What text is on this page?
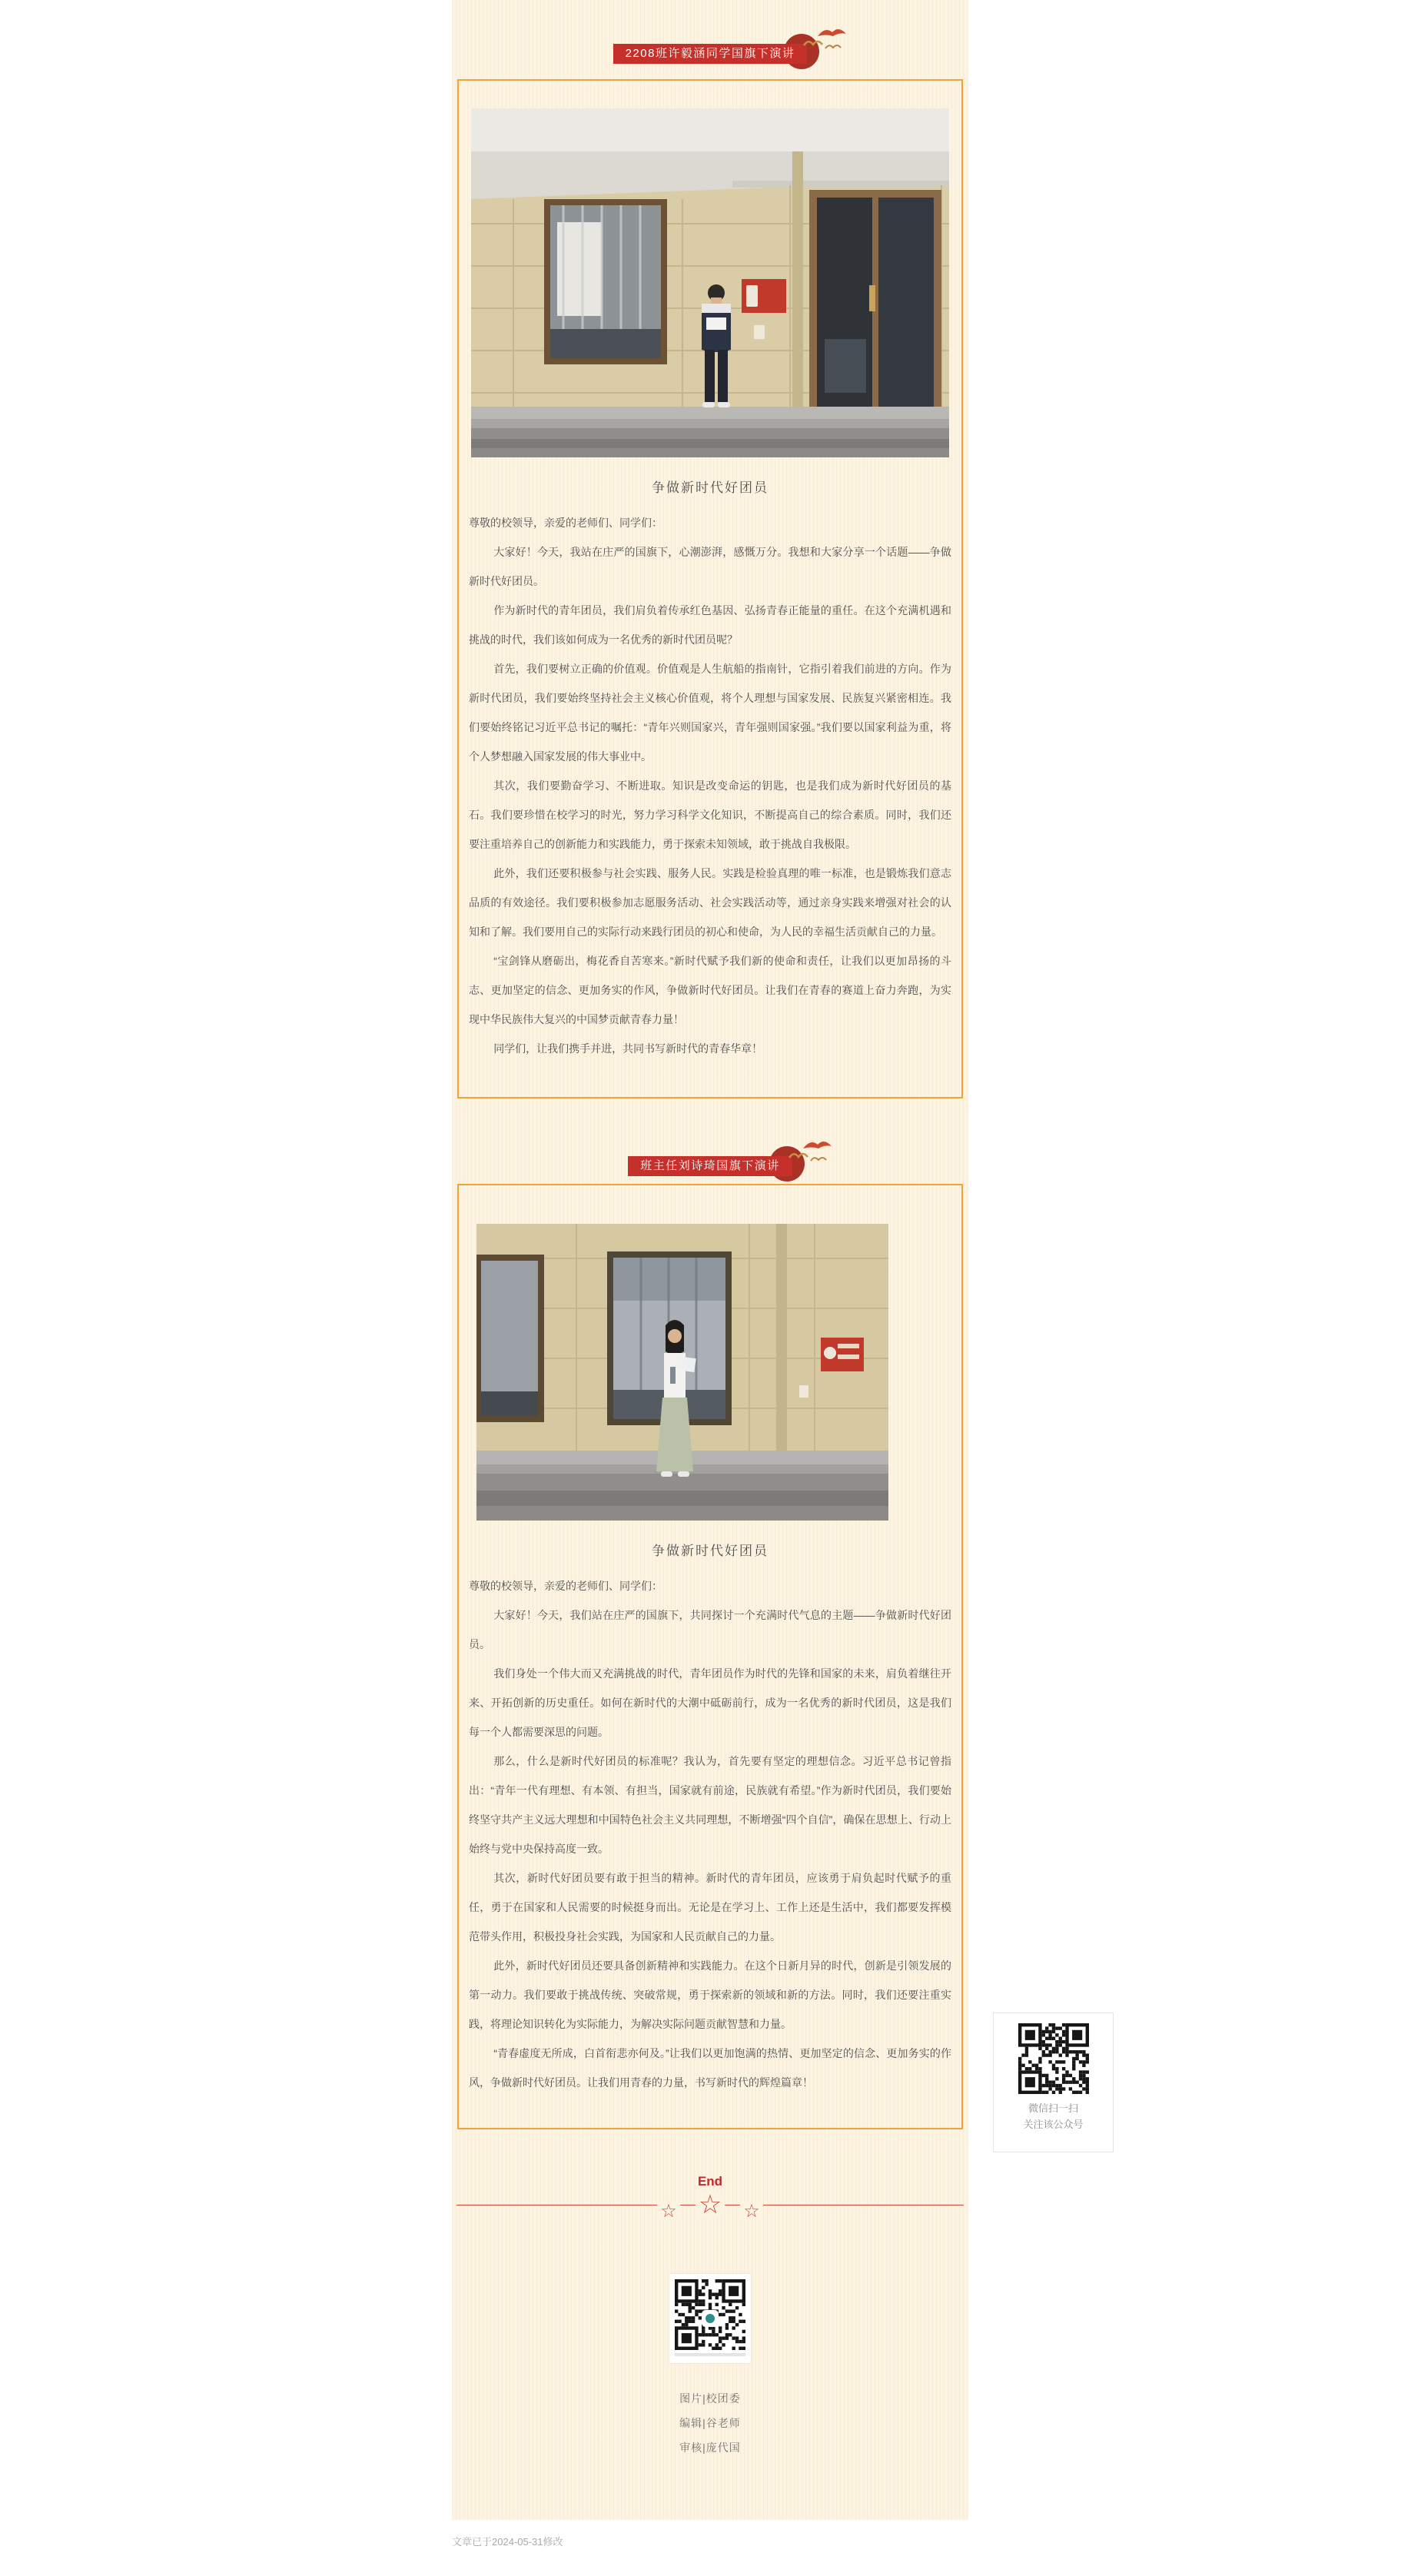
2208班许毅涵同学国旗下演讲
争做新时代好团员

尊敬的校领导，亲爱的老师们、同学们：

大家好！今天，我站在庄严的国旗下，心潮澎湃，感慨万分。我想和大家分享一个话题——争做新时代好团员。

作为新时代的青年团员，我们肩负着传承红色基因、弘扬青春正能量的重任。在这个充满机遇和挑战的时代，我们该如何成为一名优秀的新时代团员呢？

首先，我们要树立正确的价值观。价值观是人生航船的指南针，它指引着我们前进的方向。作为新时代团员，我们要始终坚持社会主义核心价值观，将个人理想与国家发展、民族复兴紧密相连。我们要始终铭记习近平总书记的嘱托：“青年兴则国家兴，青年强则国家强。”我们要以国家利益为重，将个人梦想融入国家发展的伟大事业中。

其次，我们要勤奋学习、不断进取。知识是改变命运的钥匙，也是我们成为新时代好团员的基石。我们要珍惜在校学习的时光，努力学习科学文化知识，不断提高自己的综合素质。同时，我们还要注重培养自己的创新能力和实践能力，勇于探索未知领域，敢于挑战自我极限。

此外，我们还要积极参与社会实践、服务人民。实践是检验真理的唯一标准，也是锻炼我们意志品质的有效途径。我们要积极参加志愿服务活动、社会实践活动等，通过亲身实践来增强对社会的认知和了解。我们要用自己的实际行动来践行团员的初心和使命，为人民的幸福生活贡献自己的力量。

“宝剑锋从磨砺出，梅花香自苦寒来。”新时代赋予我们新的使命和责任，让我们以更加昂扬的斗志、更加坚定的信念、更加务实的作风，争做新时代好团员。让我们在青春的赛道上奋力奔跑，为实现中华民族伟大复兴的中国梦贡献青春力量！

同学们，让我们携手并进，共同书写新时代的青春华章！

班主任刘诗琦国旗下演讲
争做新时代好团员

尊敬的校领导，亲爱的老师们、同学们：

大家好！今天，我们站在庄严的国旗下，共同探讨一个充满时代气息的主题——争做新时代好团员。

我们身处一个伟大而又充满挑战的时代，青年团员作为时代的先锋和国家的未来，肩负着继往开来、开拓创新的历史重任。如何在新时代的大潮中砥砺前行，成为一名优秀的新时代团员，这是我们每一个人都需要深思的问题。

那么，什么是新时代好团员的标准呢？我认为，首先要有坚定的理想信念。习近平总书记曾指出：“青年一代有理想、有本领、有担当，国家就有前途，民族就有希望。”作为新时代团员，我们要始终坚守共产主义远大理想和中国特色社会主义共同理想，不断增强“四个自信”，确保在思想上、行动上始终与党中央保持高度一致。

其次，新时代好团员要有敢于担当的精神。新时代的青年团员，应该勇于肩负起时代赋予的重任，勇于在国家和人民需要的时候挺身而出。无论是在学习上、工作上还是生活中，我们都要发挥模范带头作用，积极投身社会实践，为国家和人民贡献自己的力量。

此外，新时代好团员还要具备创新精神和实践能力。在这个日新月异的时代，创新是引领发展的第一动力。我们要敢于挑战传统、突破常规，勇于探索新的领域和新的方法。同时，我们还要注重实践，将理论知识转化为实际能力，为解决实际问题贡献智慧和力量。

“青春虚度无所成，白首衔悲亦何及。”让我们以更加饱满的热情、更加坚定的信念、更加务实的作风，争做新时代好团员。让我们用青春的力量，书写新时代的辉煌篇章！

End
☆ ☆ ☆

图片|校团委

编辑|谷老师

审核|庞代国

微信扫一扫
关注该公众号
文章已于2024-05-31修改
